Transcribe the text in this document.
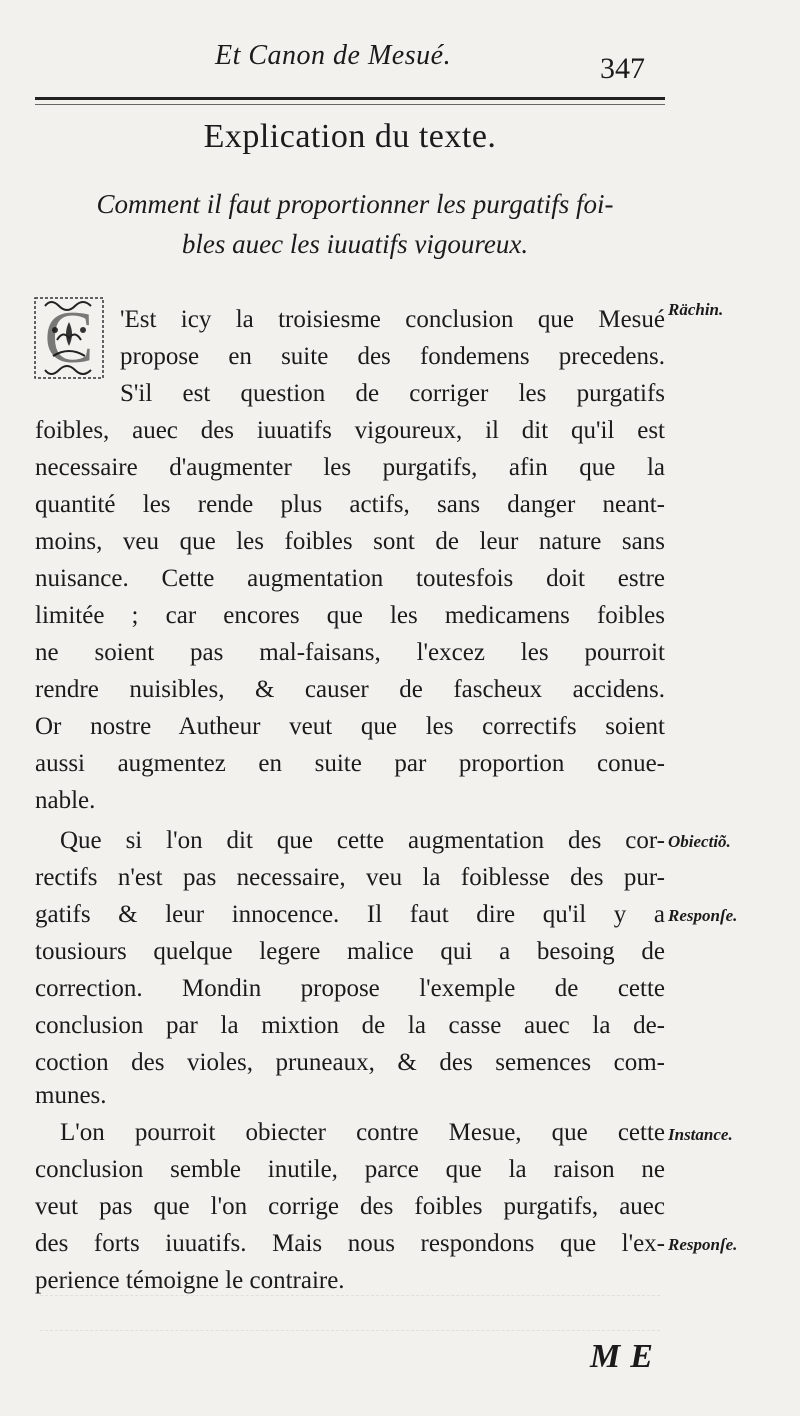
Et Canon de Mesué.	347
Explication du texte.
Comment il faut proportionner les purgatifs foi-
bles auec les iuuatifs vigoureux.
C	'Est icy la troisiesme conclusion que Mesué
propose en suite des fondemens precedens.
S'il est question de corriger les purgatifs
foibles, auec des iuuatifs vigoureux, il dit qu'il est
necessaire d'augmenter les purgatifs, afin que la
quantité les rende plus actifs, sans danger neant-
moins, veu que les foibles sont de leur nature sans
nuisance. Cette augmentation toutesfois doit estre
limitée ; car encores que les medicamens foibles
ne soient pas mal-faisans, l'excez les pourroit
rendre nuisibles, & causer de fascheux accidens.
Or nostre Autheur veut que les correctifs soient
aussi augmentez en suite par proportion conue-
nable.
Que si l'on dit que cette augmentation des cor-
rectifs n'est pas necessaire, veu la foiblesse des pur-
gatifs & leur innocence. Il faut dire qu'il y a
tousiours quelque legere malice qui a besoing de
correction. Mondin propose l'exemple de cette
conclusion par la mixtion de la casse auec la de-
coction des violes, pruneaux, & des semences com-
munes.
L'on pourroit obiecter contre Mesue, que cette
conclusion semble inutile, parce que la raison ne
veut pas que l'on corrige des foibles purgatifs, auec
des forts iuuatifs. Mais nous respondons que l'ex-
perience témoigne le contraire.
Rächin.
Obiectiõ.
Responſe.
Instance.
Responſe.
ME
